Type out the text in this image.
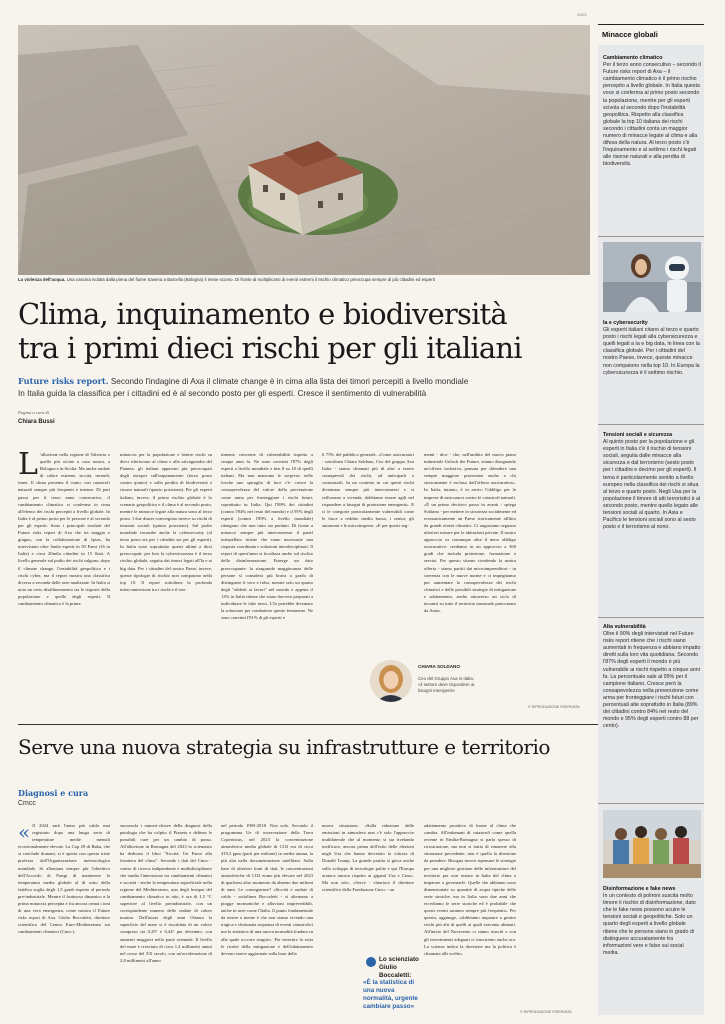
20/21
Minacce globali
La violenza dell'acqua. Una cascina isolata dalla piena del fiume Savena a Barcella (Bologna) il mese scorso. Di fronte al moltiplicarsi di eventi estremi il rischio climatico preoccupa sempre di più cittadini ed esperti
Clima, inquinamento e biodiversità
tra i primi dieci rischi per gli italiani
Future risks report. Secondo l'indagine di Axa il climate change è in cima alla lista dei timori percepiti a livello mondiale
In Italia guida la classifica per i cittadini ed è al secondo posto per gli esperti. Cresce il sentimento di vulnerabilità
Pagina a cura di
Chiara Bussi
L 'alluvione nella regione di Valencia o quelle più vicine a casa nostra, a Bologna e in Sicilia. Ma anche ondate di calore estreme, siccità, incendi, frane. Il clima presenta il conto, con catastrofi naturali sempre più frequenti e intense. Di pari passo per il terzo anno consecutivo, il cambiamento climatico si conferma in cima all'elenco dei rischi percepiti a livello globale. In Italia è al primo posto per le persone e al secondo per gli esperti. Sono i principali risultati del Future risks report di Axa che tra maggio e giugno, con la collaborazione di Ipsos, ha intervistato oltre 3mila esperti in 50 Paesi (16 in Italia) e circa 20mila cittadini in 15 Stati. A livello generale sul podio dei rischi salgono, dopo il climate change, l'instabilità geopolitica e i rischi cyber, ma il report mostra una classifica diversa a seconda delle aree analizzate. In Italia si nota un certo disallineamento tra le risposte della popolazione e quelle degli esperti. Il cambiamento climatico è la prima
minaccia per la popolazione e bentre rischi su dieci riferiscono al clima e alla salvaguardia del Pianeta: gli italiani appaiono più preoccupati degli europei sull'inquinamento (terzo posto contro quinto) e sulla perdita di biodiversità e risorse naturali (quarto posizione). Per gli esperti italiani, invece, il primo rischio globale è lo scenario geopolitico e il clima è al secondo posto, mentre le minacce legate alla natura sono al terzo posto. I due duster convergono invece su rischi di tensioni sociali (quinta posizione). Sul podio mondiale incombe anche la cybersecurity (al terzo posto sia per i cittadini sia per gli esperti). In Italia sono soprattutto questi ultimi a dirsi preoccupati: per loro la cybersicurezza è il terzo rischio globale, seguita dai timori legati all'Ia e ai big data. Per i cittadini del nostro Paese, invece, queste tipologie di rischio non compaiono nella top 10. Il report sottolinea la profonda interconnessione tra i rischi e il sen-
timento crescente di vulnerabilità rispetto a cinque anni fa. Ne sono convinti l'87% degli esperti a livello mondiale e ben 8 su 10 di quelli italiani. Ma non mancano le sorprese: nelle fosche uno spiraglio di luce c'è: cresce la consapevolezza del valore della prevenzione come arma per fronteggiare i rischi futuri, soprattutto in Italia. Qui l'89% dei cittadini (contro l'84% nel resto del mondo) e il 95% degli esperti (contro l'89% a livello mondiale) ritengono che non tutto sia perduto. Di fronte a minacce sempre più interconnesse il panel interpellato ritiene che siano necessarie una risposta coordinata e soluzioni interdisciplinari. Il report di quest'anno si focalizza anche sul rischio della disinformazione. Emerge un dato preoccupante: la stragrande maggioranza delle persone si considera più brava a grado di distinguere il vero e falso, mentre solo un quarto degli "addetti ai lavori" nel mondo e appena il 13% in Italia ritiene che siano davvero preparati a individuare le fake news. L'Ia potrebbe diventare la soluzione per combattere questo fenomeno. Ne sono convinti l'81% di gli esperti e
il 75% del pubblico generale. «Come assicuratori - sottolinea Chiara Soldano, Ceo del gruppo Axa Italia - siamo chiamati più di altri a essere consapevoli dei rischi, ad anticiparli e contrastarli. In un contesto in cui questi rischi diventano sempre più interconnessi e si rafforzano a vicenda, dobbiamo essere agili nel rispondere a bisogni di protezione emergenti». E ci le categorie particolarmente vulnerabili come le fasce a reddito medio basso, i senior, gli autonomi e le microimprese. «E per questi seg-
menti - dice - che, nell'ambito del nuovo piano industriale Unlock the Future, stiamo disegnando un'offerta inclusiva, pensata per difendere una sempre maggiore protezione anche a chi storicamente è escluso dall'offerta assicurativa». In Italia, intanto, è in arrivo l'obbligo per le imprese di assicurarsi contro le catastrofi naturali. «È un primo decisivo passo in avanti - spiega Soldano - per mettere in sicurezza socialmente ed economicamente un Paese storicamente afflitto da grandi eventi climatici. Ci auguriamo seguano ulteriori misure per le abitazioni private. Il nostro approccio va comunque oltre il mero obbligo assicurativo: crediamo in un approccio a 360 gradi che includa protezione, formazione e servizi. Per questo stiamo rivedendo la nostra offerta - siamo partiti dai microimprenditori - in coerenza con le nuove norme e ci impegniamo per aumentare la consapevolezza dei rischi climatici e delle possibili strategie di mitigazione e adattamento, anche attraverso un ciclo di incontri su tutto il territorio nazionale patrocinato da Ania».
CHIARA SOLDANO
Ceo del Gruppo Axa in Italia: «il settore deve rispondere ai bisogni emergenti»
© RIPRODUZIONE RISERVATA
Serve una nuova strategia su infrastrutture e territorio
Diagnosi e cura
Cmcc
« Il 2024 sarà l'anno più caldo mai registrato dopo una lunga serie di temperature medie mensili eccezionalmente elevate. La Cop 29 di Baku, che si conclude domani, si è aperta con questa triste profezia dell'Organizzazione meteorologica mondiale. Si allontana sempre più l'obiettivo dell'Accordo di Parigi di mantenere la temperatura media globale al di sotto della fatidica soglia degli 1,5 gradi rispetto al periodo pre-industriale. Mentre il fruttuoso dinamico a la prima minaccia percepita e fra ancora ormai i toni di una vera emergenza, come mostra il Future risks report di Axa. Giulio Boccaletti, direttore scientifico del Centro Euro-Mediterraneo sui cambiamenti climatici (Cmcc),
sncozzola i numeri-chiave della diagnosi della patologia che ha colpito il Pianeta e delinea le possibili cure per un cambio di passo. All'alluvione in Romagna del 2023 lo scienziato ha dedicato il libro "Siccità. Un Paese alla frontiera del clima". Secondo i dati del Cmcc - centro di ricerca indipendente e multidisciplinare che studia l'interazione tra cambiamenti climatici e società - anche la temperatura superficiale nella regione del Mediterraneo, uno degli hotspot del cambiamento climatico in atto, è ora di 1,5 °C superiore al livello preindustriale, con un corrispondente numero delle ondate di calore marino. Dall'inizio degli anni Ottanta la superficie del mare si è riscaldata di un valore compreso tra 0,29° e 0,44° per decennio, con aumenti maggiori nella parte orientale. Il livello del mare è cresciuto di circa 1,4 millimetri annui nel corso del XX secolo, con un'accelerazione di 2,8 millimetri all'anno
nel periodo 1993-2018. Non solo. Secondo il programma Ue di osservazione della Terra Copernicus, nel 2023 la concentrazione atmosferica media globale di CO2 era di circa 419,3 ppm (parti per milione) in media annua, la più alta nella documentazione satellitare. Sulla base di ulteriori fonti di dati, le concentrazioni atmosferiche di CO2 erano più elevate nel 2023 di qualsiasi altro momento da almeno due milioni di anni. Le conseguenze? «Siccità e ondate di caldo - sottolinea Boccaletti - si alternano a piogge monsoniche e alluvioni imprevedibili, anche in aree come l'Italia. Il punto fondamentale da tenere a mente è che non siamo vivendo una tragica e sfortunata sequenza di eventi catastrofici ma la statistica di una nuova normalità fondata su alle quale occorre reagire». Per invertire la rotta le ricette della mitigazione e dell'adattamento devono essere aggiornate sulla base della
nuova situazione. «Sulla riduzione delle emissioni in atmosfera non c'è solo l'approccio multilaterale che al momento si sta rivelando inefficace, ancora prima dell'esito delle elezioni negli Usa che hanno decretato la vittoria di Donald Trump. La grande partita si gioca anche sullo sviluppo di tecnologie pulite e qui l'Europa arranca ancora rispetto ai giganti Usa e Cina». Ma non solo. «Serve - chiarisce il direttore scientifico della Fondazione Cmcc - un
adattamento proattivo di fronte al clima che cambia. All'indomani di catastrofi come quella recente in Emilia-Romagna si parla spesso di ricostruzione, ma non si tratta di rimanere alla situazione precedente, non è quella la direzione da prendere. Bisogna invece ripensare le strategie per una migliore gestione delle infrastrutture del territorio per non restare in balia del clima e imparare a governarle. Quelle che abbiamo sono dimensionate su quantità di acqua tipiche delle serie storiche, ma in Italia sono due anni che eccediamo le serie storiche ed è probabile che questi eventi saranno sempre più frequenti». Per questo, aggiunge, «dobbiamo imparare a gestire rischi più alti di quelli ai quali eravamo abituati. All'inizio del Novecento ci siamo riusciti e con gli investimenti adeguati ci riusciremo anche ora. La scienza indica la direzione ma la politica è chiamata alle scelte».
Lo scienziato Giulio Boccaletti:
«È la statistica di una nuova normalità, urgente cambiare passo»
© RIPRODUZIONE RISERVATA
Cambiamento climatico
Per il terzo anno consecutivo – secondo il Future risks report di Axa – il cambiamento climatico è il primo rischio percepito a livello globale. In Italia questa voce si conferma al primo posto secondo la popolazione, mentre per gli esperti scivola al secondo dopo l'instabilità geopolitica. Rispetto alla classifica globale la top 10 italiana dei rischi secondo i cittadini conta un maggior numero di minacce legate al clima e alla difesa della natura. Al terzo posto c'è l'inquinamento e al settimo i rischi legati alle risorse naturali e alla perdita di biodiversità.
Ia e cybersecurity
Gli esperti italiani citano al terzo e quarto posto i rischi legati alla cybersicurezza e quelli legati a Ia e big data, in linea con la classifica globale. Per i cittadini del nostro Paese, invece, queste minacce non compaiono nella top 10. In Europa la cybersicurezza è il settimo rischio.
Tensioni sociali e sicurezza
Al quinto posto per la popolazione e gli esperti in Italia c'è il rischio di tensioni sociali, seguita dalle minacce alla sicurezza e dal terrorismo (sesto posto per i cittadini e decimo per gli esperti). Il tema è particolarmente sentito a livello europeo nella classifica dei rischi si situa al terzo e quarto posto. Negli Usa per la popolazione il timore di atti terroristici è al secondo posto, mentre quello legato alle tensioni sociali al quarto. In Asia e Pacifico le tensioni sociali sono al sesto posto e il terrorismo al nono.
Alta vulnerabilità
Oltre il 90% degli intervistati nel Future risks report ritiene che i rischi siano aumentati in frequenza e abbiano impatto diretti sulla loro vita quotidiana. Secondo l'87% degli esperti il mondo è più vulnerabile ai rischi rispetto a cinque anni fa. La percentuale sale al 95% per il campione italiano. Cresce però la consapevolezza nella prevenzione come arma per fronteggiare i rischi futuri con percentuali alte soprattutto in Italia (89% dei cittadini contro 84% nel resto del mondo e 95% degli esperti contro 88 per cento).
Disinformazione e fake news
In un contesto di polironi suscita molto timore il rischio di disinformazione, dato che le fake news possono acuire le tensioni sociali e geopolitiche. Solo un quarto degli esperti a livello globale ritiene che le persone siano in grado di distinguere accuratamente tra informazioni vere e false sui social media.
